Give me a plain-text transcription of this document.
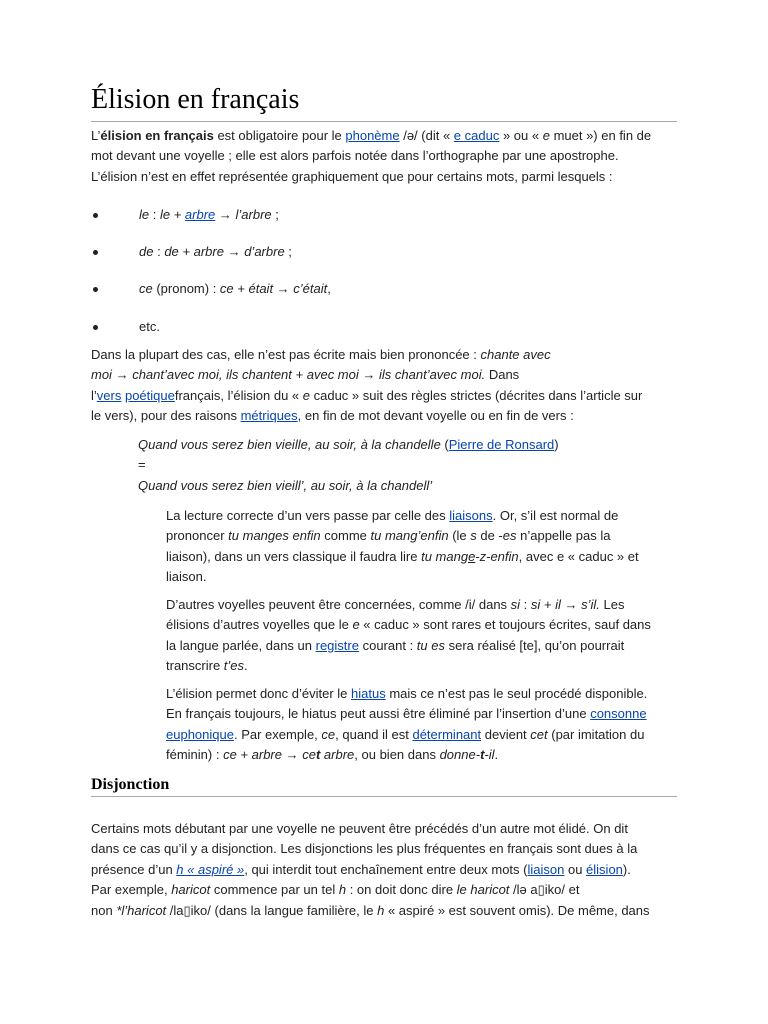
Élision en français
L’élision en français est obligatoire pour le phonème /ə/ (dit « e caduc » ou « e muet ») en fin de
mot devant une voyelle ; elle est alors parfois notée dans l’orthographe par une apostrophe.
L’élision n’est en effet représentée graphiquement que pour certains mots, parmi lesquels :
le : le + arbre → l’arbre ;
de : de + arbre → d’arbre ;
ce (pronom) : ce + était → c’était,
etc.
Dans la plupart des cas, elle n’est pas écrite mais bien prononcée : chante avec
moi → chant’avec moi, ils chantent + avec moi → ils chant’avec moi. Dans
l’vers poétiquefrançais, l’élision du « e caduc » suit des règles strictes (décrites dans l’article sur
le vers), pour des raisons métriques, en fin de mot devant voyelle ou en fin de vers :
Quand vous serez bien vieille, au soir, à la chandelle (Pierre de Ronsard)
=
Quand vous serez bien vieill’, au soir, à la chandell’
La lecture correcte d’un vers passe par celle des liaisons. Or, s’il est normal de
prononcer tu manges enfin comme tu mang’enfin (le s de -es n’appelle pas la
liaison), dans un vers classique il faudra lire tu mange-z-enfin, avec e « caduc » et
liaison.
D’autres voyelles peuvent être concernées, comme /i/ dans si : si + il → s’il. Les
élisions d’autres voyelles que le e « caduc » sont rares et toujours écrites, sauf dans
la langue parlée, dans un registre courant : tu es sera réalisé [te], qu’on pourrait
transcrire t’es.
L’élision permet donc d’éviter le hiatus mais ce n’est pas le seul procédé disponible.
En français toujours, le hiatus peut aussi être éliminé par l’insertion d’une consonne
euphonique. Par exemple, ce, quand il est déterminant devient cet (par imitation du
féminin) : ce + arbre → cet arbre, ou bien dans donne-t-il.
Disjonction
Certains mots débutant par une voyelle ne peuvent être précédés d’un autre mot élidé. On dit
dans ce cas qu’il y a disjonction. Les disjonctions les plus fréquentes en français sont dues à la
présence d’un h « aspiré », qui interdit tout enchaînement entre deux mots (liaison ou élision).
Par exemple, haricot commence par un tel h : on doit donc dire le haricot /lə a▯iko/ et
non *l’haricot /la▯iko/ (dans la langue familière, le h « aspiré » est souvent omis). De même, dans
